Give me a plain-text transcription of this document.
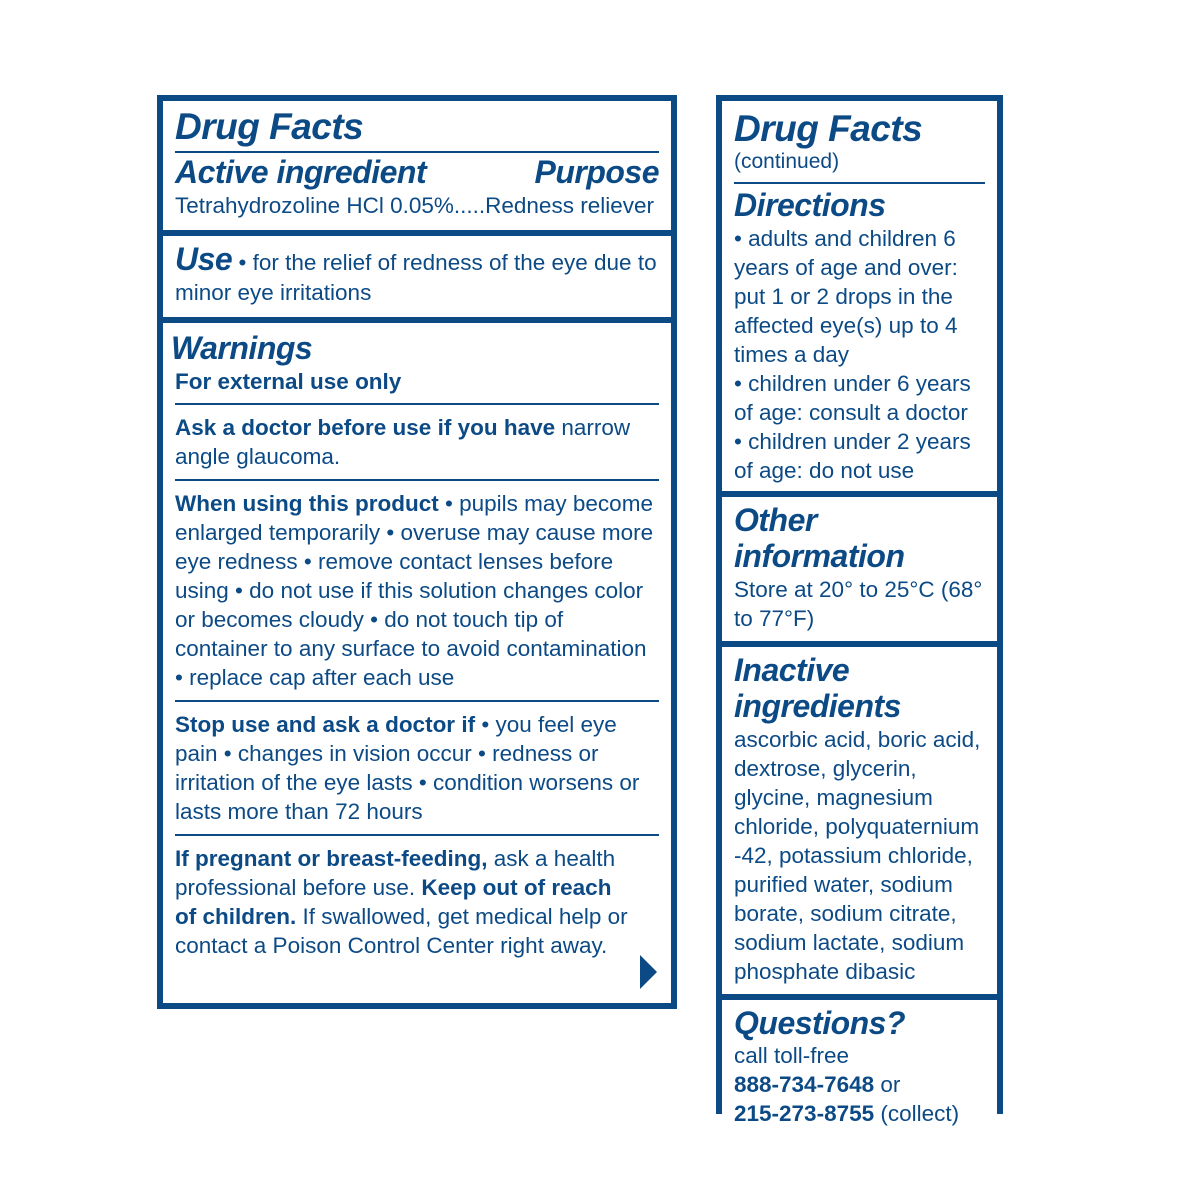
Drug Facts
Active ingredient	Purpose
Tetrahydrozoline HCl 0.05%.....Redness reliever

Use • for the relief of redness of the eye due to minor eye irritations

Warnings
For external use only

Ask a doctor before use if you have narrow angle glaucoma.

When using this product • pupils may become enlarged temporarily • overuse may cause more eye redness • remove contact lenses before using • do not use if this solution changes color or becomes cloudy • do not touch tip of container to any surface to avoid contamination • replace cap after each use

Stop use and ask a doctor if • you feel eye pain • changes in vision occur • redness or irritation of the eye lasts • condition worsens or lasts more than 72 hours

If pregnant or breast-feeding, ask a health professional before use. Keep out of reach of children. If swallowed, get medical help or contact a Poison Control Center right away.

Drug Facts
(continued)
Directions

• adults and children 6 years of age and over: put 1 or 2 drops in the affected eye(s) up to 4 times a day

• children under 6 years of age: consult a doctor

• children under 2 years of age: do not use

Other information

Store at 20° to 25°C (68° to 77°F)

Inactive ingredients

ascorbic acid, boric acid, dextrose, glycerin, glycine, magnesium chloride, polyquaternium -42, potassium chloride, purified water, sodium borate, sodium citrate, sodium lactate, sodium phosphate dibasic

Questions?

call toll-free

888-734-7648 or

215-273-8755 (collect)
